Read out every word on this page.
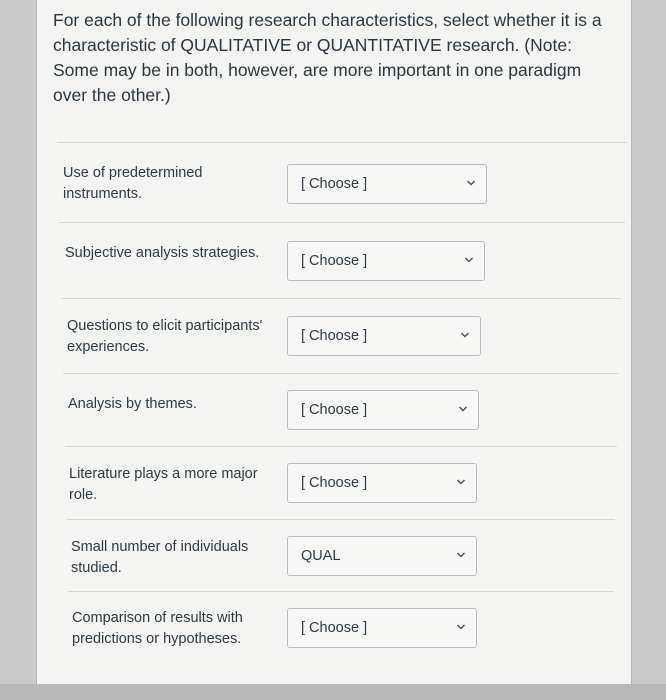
For each of the following research characteristics, select whether it is a characteristic of QUALITATIVE or QUANTITATIVE research. (Note: Some may be in both, however, are more important in one paradigm over the other.)
Use of predetermined instruments.
[ Choose ]
Subjective analysis strategies.	[ Choose ]
Questions to elicit participants' experiences.
[ Choose ]
Analysis by themes.	[ Choose ]
Literature plays a more major role.
[ Choose ]
Small number of individuals studied.
QUAL
Comparison of results with predictions or hypotheses.
[ Choose ]
